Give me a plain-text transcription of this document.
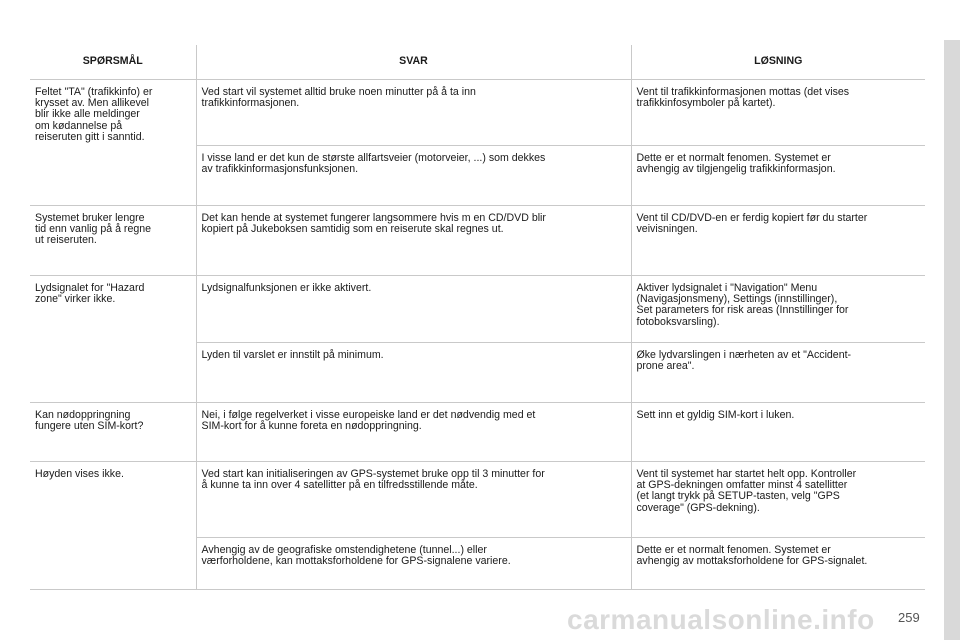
SPØRSMÅL	SVAR	LØSNING
Feltet "TA" (trafikkinfo) er
krysset av. Men allikevel
blir ikke alle meldinger
om kødannelse på
reiseruten gitt i sanntid.	Ved start vil systemet alltid bruke noen minutter på å ta inn
trafikkinformasjonen.	Vent til trafikkinformasjonen mottas (det vises
trafikkinfosymboler på kartet).
	I visse land er det kun de største allfartsveier (motorveier, ...) som dekkes
av trafikkinformasjonsfunksjonen.	Dette er et normalt fenomen. Systemet er
avhengig av tilgjengelig trafikkinformasjon.
Systemet bruker lengre
tid enn vanlig på å regne
ut reiseruten.	Det kan hende at systemet fungerer langsommere hvis m en CD/DVD blir
kopiert på Jukeboksen samtidig som en reiserute skal regnes ut.	Vent til CD/DVD-en er ferdig kopiert før du starter
veivisningen.
Lydsignalet for "Hazard
zone" virker ikke.	Lydsignalfunksjonen er ikke aktivert.	Aktiver lydsignalet i "Navigation" Menu
(Navigasjonsmeny), Settings (innstillinger),
Set parameters for risk areas (Innstillinger for
fotoboksvarsling).
	Lyden til varslet er innstilt på minimum.	Øke lydvarslingen i nærheten av et "Accident-
prone area".
Kan nødoppringning
fungere uten SIM-kort?	Nei, i følge regelverket i visse europeiske land er det nødvendig med et
SIM-kort for å kunne foreta en nødoppringning.	Sett inn et gyldig SIM-kort i luken.
Høyden vises ikke.	Ved start kan initialiseringen av GPS-systemet bruke opp til 3 minutter for
å kunne ta inn over 4 satellitter på en tilfredsstillende måte.	Vent til systemet har startet helt opp. Kontroller
at GPS-dekningen omfatter minst 4 satellitter
(et langt trykk på SETUP-tasten, velg "GPS
coverage" (GPS-dekning).
	Avhengig av de geografiske omstendighetene (tunnel...) eller
værforholdene, kan mottaksforholdene for GPS-signalene variere.	Dette er et normalt fenomen. Systemet er
avhengig av mottaksforholdene for GPS-signalet.
carmanualsonline.info 259
